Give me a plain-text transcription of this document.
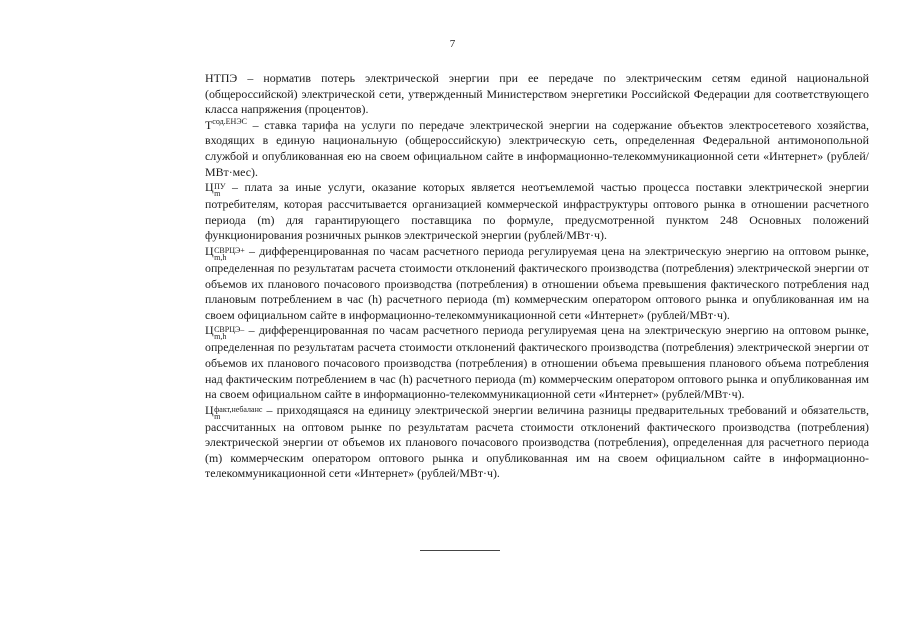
7

НТПЭ – норматив потерь электрической энергии при ее передаче по электрическим сетям единой национальной (общероссийской) электрической сети, утвержденный Министерством энергетики Российской Федерации для соответствующего класса напряжения (процентов).

$T^{сод.ЕНЭС}$ – ставка тарифа на услуги по передаче электрической энергии на содержание объектов электросетевого хозяйства, входящих в единую национальную (общероссийскую) электрическую сеть, определенная Федеральной антимонопольной службой и опубликованная ею на своем официальном сайте в информационно-телекоммуникационной сети «Интернет» (рублей/МВт·мес).

Ц ПУ
m – плата за иные услуги, оказание которых является неотъемлемой частью процесса поставки электрической энергии потребителям, которая рассчитывается организацией коммерческой инфраструктуры оптового рынка в отношении расчетного периода (m) для гарантирующего поставщика по формуле, предусмотренной пунктом 248 Основных положений функционирования розничных рынков электрической энергии (рублей/МВт·ч).

Ц СВРЦЭ+
m,h	– дифференцированная по часам расчетного периода регулируемая цена на электрическую энергию на оптовом рынке, определенная по результатам расчета стоимости отклонений фактического производства (потребления) электрической энергии от объемов их планового почасового производства (потребления) в отношении объема превышения фактического потребления над плановым потреблением в час (h) расчетного периода (m) коммерческим оператором оптового рынка и опубликованная им на своем официальном сайте в информационно-телекоммуникационной сети «Интернет» (рублей/МВт·ч).

Ц СВРЦЭ–
m,h	– дифференцированная по часам расчетного периода регулируемая цена на электрическую энергию на оптовом рынке, определенная по результатам расчета стоимости отклонений фактического производства (потребления) электрической энергии от объемов их планового почасового производства (потребления) в отношении объема превышения планового объема потребления над фактическим потреблением в час (h) расчетного периода (m) коммерческим оператором оптового рынка и опубликованная им на своем официальном сайте в информационно-телекоммуникационной сети «Интернет» (рублей/МВт·ч).

Ц факт,небаланс
m	– приходящаяся на единицу электрической энергии величина разницы предварительных требований и обязательств, рассчитанных на оптовом рынке по результатам расчета стоимости отклонений фактического производства (потребления) электрической энергии от объемов их планового почасового производства (потребления), определенная для расчетного периода (m) коммерческим оператором оптового рынка и опубликованная им на своем официальном сайте в информационно-телекоммуникационной сети «Интернет» (рублей/МВт·ч).
